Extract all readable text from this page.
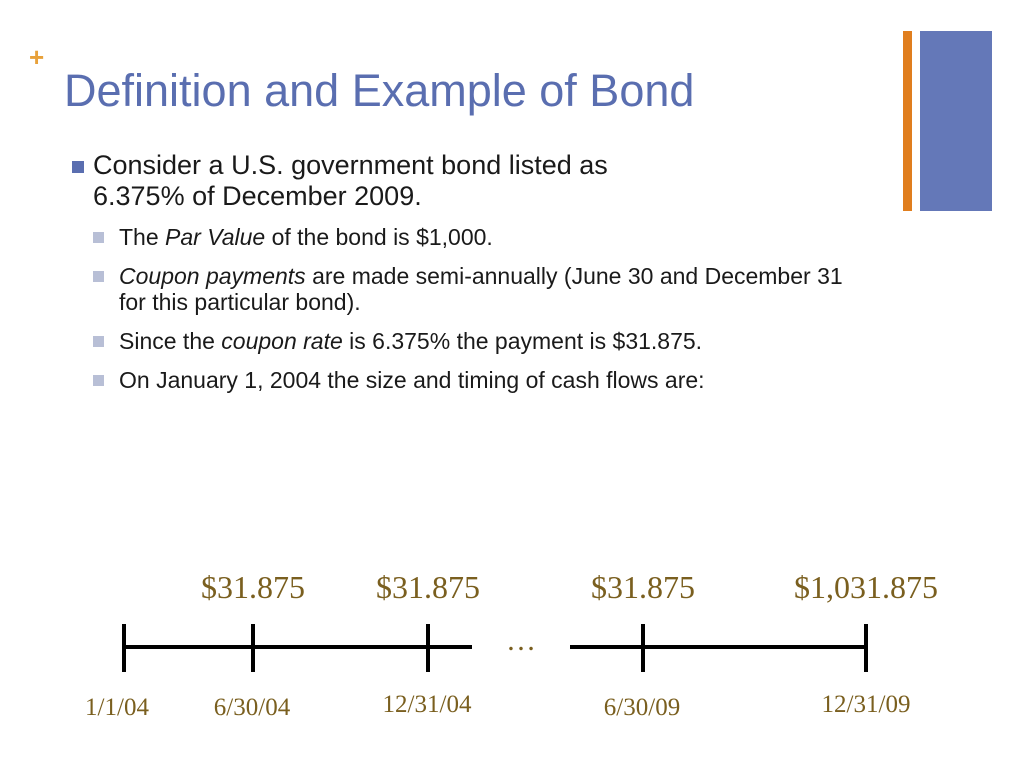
+
Definition and Example of Bond
Consider a U.S. government bond listed as
6.375% of December 2009.
The Par Value of the bond is $1,000.
Coupon payments are made semi-annually (June 30 and December 31 for this particular bond).
Since the coupon rate is 6.375% the payment is $31.875.
On January 1, 2004 the size and timing of cash flows are:
$31.875 $31.875	$31.875	$1,031.875
…
1/1/04	6/30/04	12/31/04	6/30/09	12/31/09
